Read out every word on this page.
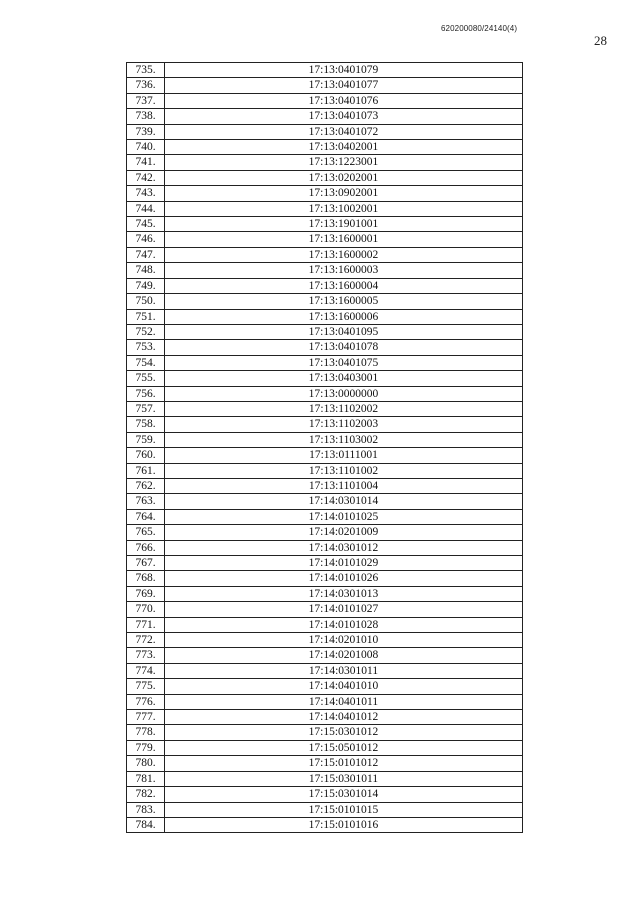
620200080/24140(4)
28
735.	17:13:0401079
736.	17:13:0401077
737.	17:13:0401076
738.	17:13:0401073
739.	17:13:0401072
740.	17:13:0402001
741.	17:13:1223001
742.	17:13:0202001
743.	17:13:0902001
744.	17:13:1002001
745.	17:13:1901001
746.	17:13:1600001
747.	17:13:1600002
748.	17:13:1600003
749.	17:13:1600004
750.	17:13:1600005
751.	17:13:1600006
752.	17:13:0401095
753.	17:13:0401078
754.	17:13:0401075
755.	17:13:0403001
756.	17:13:0000000
757.	17:13:1102002
758.	17:13:1102003
759.	17:13:1103002
760.	17:13:0111001
761.	17:13:1101002
762.	17:13:1101004
763.	17:14:0301014
764.	17:14:0101025
765.	17:14:0201009
766.	17:14:0301012
767.	17:14:0101029
768.	17:14:0101026
769.	17:14:0301013
770.	17:14:0101027
771.	17:14:0101028
772.	17:14:0201010
773.	17:14:0201008
774.	17:14:0301011
775.	17:14:0401010
776.	17:14:0401011
777.	17:14:0401012
778.	17:15:0301012
779.	17:15:0501012
780.	17:15:0101012
781.	17:15:0301011
782.	17:15:0301014
783.	17:15:0101015
784.	17:15:0101016
